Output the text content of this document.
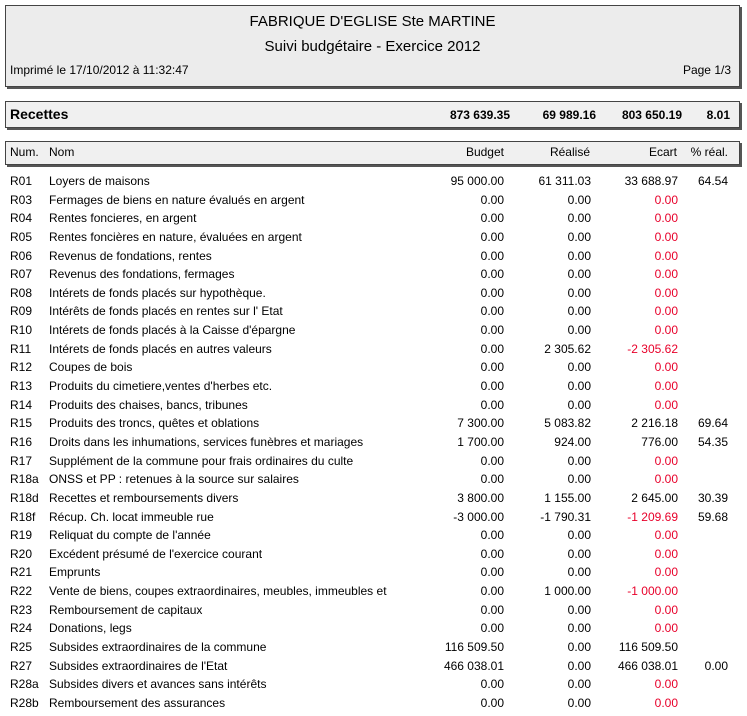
FABRIQUE D'EGLISE Ste MARTINE
Suivi budgétaire - Exercice 2012
Imprimé le 17/10/2012 à 11:32:47	Page 1/3
Recettes	873 639.35	69 989.16 803 650.19 8.01
Num. Nom	Budget	Réalisé	Ecart % réal.
R01 Loyers de maisons	95 000.00	61 311.03	33 688.97 64.54
R03 Fermages de biens en nature évalués en argent	0.00	0.00	0.00
R04 Rentes foncieres, en argent	0.00	0.00	0.00
R05 Rentes foncières en nature, évaluées en argent	0.00	0.00	0.00
R06 Revenus de fondations, rentes	0.00	0.00	0.00
R07 Revenus des fondations, fermages	0.00	0.00	0.00
R08 Intérets de fonds placés sur hypothèque.	0.00	0.00	0.00
R09 Intérêts de fonds placés en rentes sur l' Etat	0.00	0.00	0.00
R10 Intérets de fonds placés à la Caisse d'épargne	0.00	0.00	0.00
R11 Intérets de fonds placés en autres valeurs	0.00	2 305.62	-2 305.62
R12 Coupes de bois	0.00	0.00	0.00
R13 Produits du cimetiere,ventes d'herbes etc.	0.00	0.00	0.00
R14 Produits des chaises, bancs, tribunes	0.00	0.00	0.00
R15 Produits des troncs, quêtes et oblations	7 300.00	5 083.82	2 216.18 69.64
R16 Droits dans les inhumations, services funèbres et mariages	1 700.00	924.00	776.00 54.35
R17 Supplément de la commune pour frais ordinaires du culte	0.00	0.00	0.00
R18a ONSS et PP : retenues à la source sur salaires	0.00	0.00	0.00
R18d Recettes et remboursements divers	3 800.00	1 155.00	2 645.00 30.39
R18f Récup. Ch. locat immeuble rue	-3 000.00	-1 790.31	-1 209.69 59.68
R19 Reliquat du compte de l'année	0.00	0.00	0.00
R20 Excédent présumé de l'exercice courant	0.00	0.00	0.00
R21 Emprunts	0.00	0.00	0.00
R22 Vente de biens, coupes extraordinaires, meubles, immeubles et	0.00	1 000.00	-1 000.00
R23 Remboursement de capitaux	0.00	0.00	0.00
R24 Donations, legs	0.00	0.00	0.00
R25 Subsides extraordinaires de la commune	116 509.50	0.00 116 509.50
R27 Subsides extraordinaires de l'Etat	466 038.01	0.00 466 038.01 0.00
R28a Subsides divers et avances sans intérêts	0.00	0.00	0.00
R28b Remboursement des assurances	0.00	0.00	0.00
